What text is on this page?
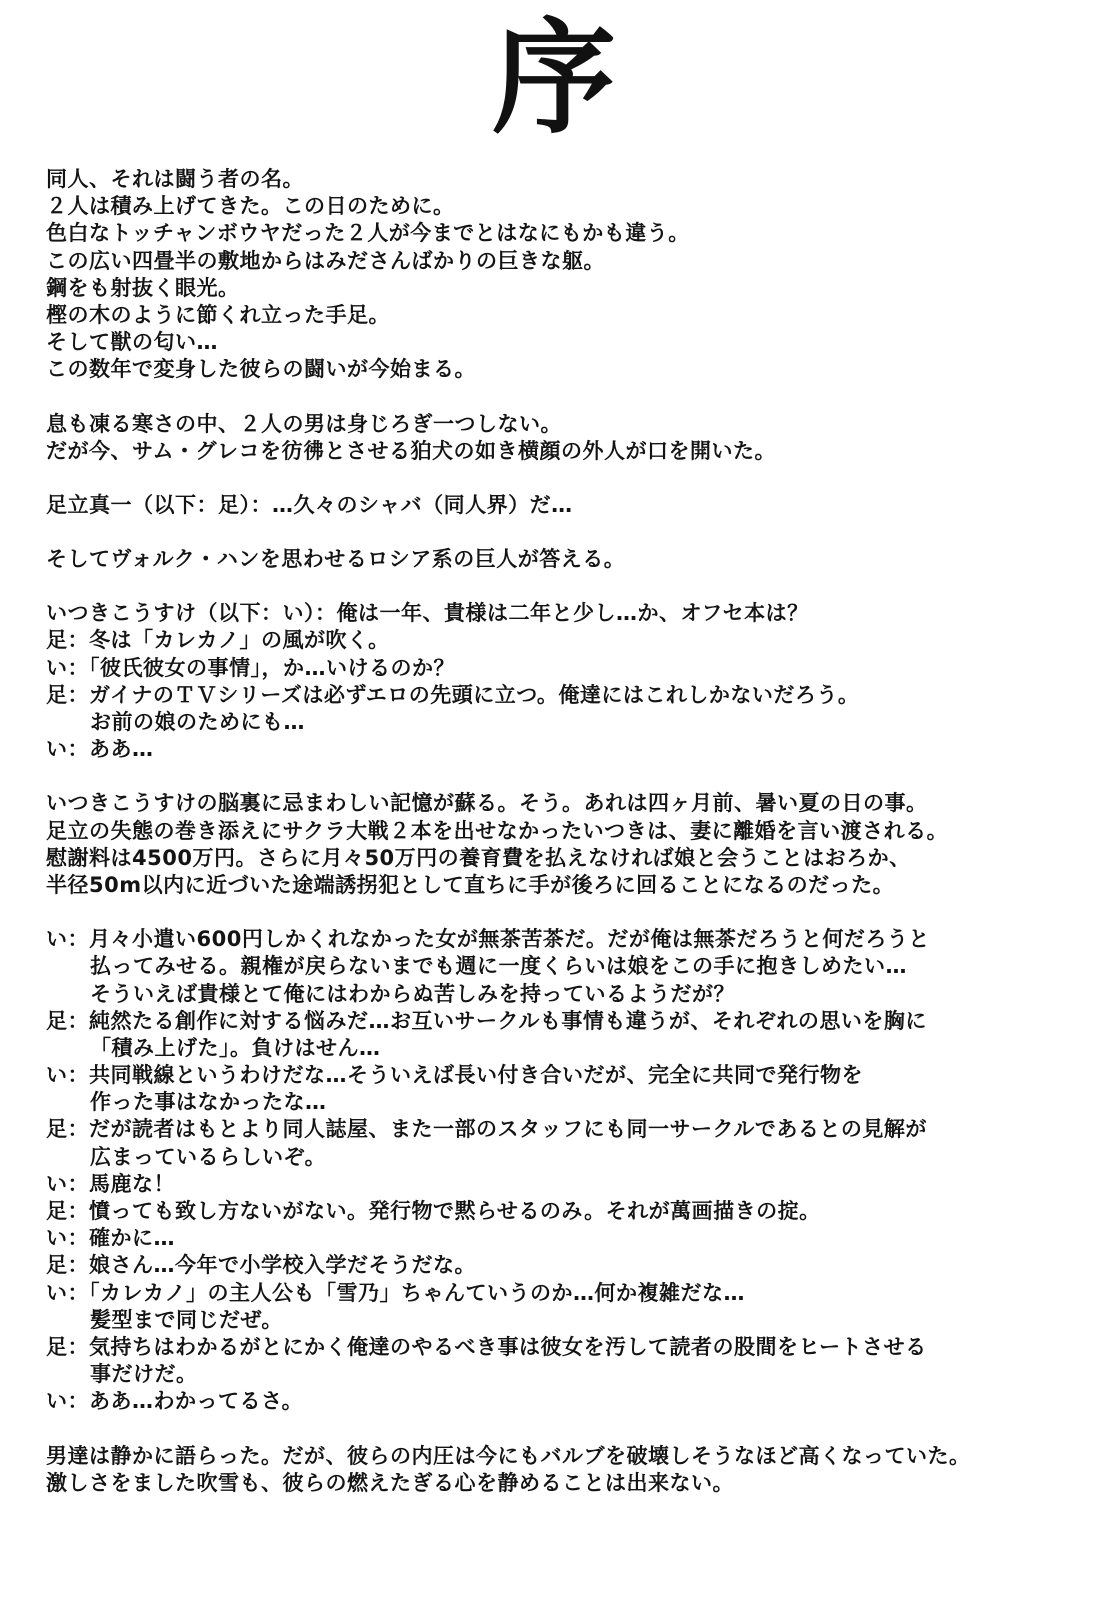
序
同人、それは闘う者の名。
２人は積み上げてきた。この日のために。
色白なトッチャンボウヤだった２人が今までとはなにもかも違う。
この広い四畳半の敷地からはみださんばかりの巨きな躯。
鋼をも射抜く眼光。
樫の木のように節くれ立った手足。
そして獣の匂い…
この数年で変身した彼らの闘いが今始まる。
息も凍る寒さの中、２人の男は身じろぎ一つしない。
だが今、サム・グレコを彷彿とさせる狛犬の如き横顔の外人が口を開いた。
足立真一（以下：足）：…久々のシャバ（同人界）だ…
そしてヴォルク・ハンを思わせるロシア系の巨人が答える。
いつきこうすけ（以下：い）：俺は一年、貴様は二年と少し…か、オフセ本は？
足：冬は「カレカノ」の風が吹く。
い：「彼氏彼女の事情」，か…いけるのか？
足：ガイナのＴＶシリーズは必ずエロの先頭に立つ。俺達にはこれしかないだろう。
お前の娘のためにも…
い：ああ…
いつきこうすけの脳裏に忌まわしい記憶が蘇る。そう。あれは四ヶ月前、暑い夏の日の事。
足立の失態の巻き添えにサクラ大戦２本を出せなかったいつきは、妻に離婚を言い渡される。
慰謝料は4500万円。さらに月々50万円の養育費を払えなければ娘と会うことはおろか、
半径50m以内に近づいた途端誘拐犯として直ちに手が後ろに回ることになるのだった。
い：月々小遣い600円しかくれなかった女が無茶苦茶だ。だが俺は無茶だろうと何だろうと
払ってみせる。親権が戻らないまでも週に一度くらいは娘をこの手に抱きしめたい…
そういえば貴様とて俺にはわからぬ苦しみを持っているようだが？
足：純然たる創作に対する悩みだ…お互いサークルも事情も違うが、それぞれの思いを胸に
「積み上げた」。負けはせん…
い：共同戦線というわけだな…そういえば長い付き合いだが、完全に共同で発行物を
作った事はなかったな…
足：だが読者はもとより同人誌屋、また一部のスタッフにも同一サークルであるとの見解が
広まっているらしいぞ。
い：馬鹿な！
足：憤っても致し方ないがない。発行物で黙らせるのみ。それが萬画描きの掟。
い：確かに…
足：娘さん…今年で小学校入学だそうだな。
い：「カレカノ」の主人公も「雪乃」ちゃんていうのか…何か複雑だな…
髪型まで同じだぜ。
足：気持ちはわかるがとにかく俺達のやるべき事は彼女を汚して読者の股間をヒートさせる
事だけだ。
い：ああ…わかってるさ。
男達は静かに語らった。だが、彼らの内圧は今にもバルブを破壊しそうなほど高くなっていた。
激しさをました吹雪も、彼らの燃えたぎる心を静めることは出来ない。
